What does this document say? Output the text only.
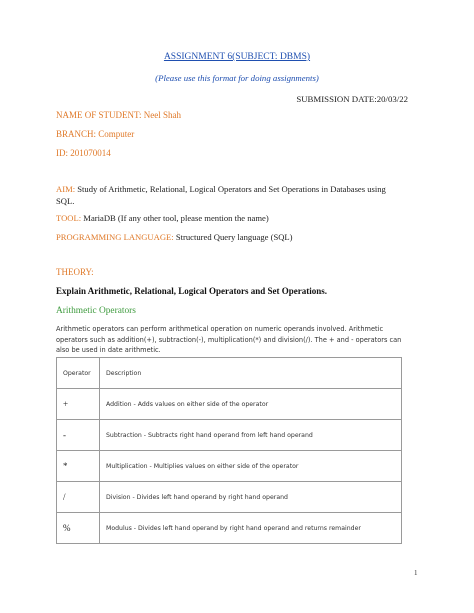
ASSIGNMENT 6(SUBJECT: DBMS)
(Please use this format for doing assignments)
SUBMISSION DATE:20/03/22
NAME OF STUDENT: Neel Shah
BRANCH: Computer
ID: 201070014
AIM: Study of Arithmetic, Relational, Logical Operators and Set Operations in Databases using
SQL.
TOOL: MariaDB (If any other tool, please mention the name)
PROGRAMMING LANGUAGE: Structured Query language (SQL)
THEORY:
Explain Arithmetic, Relational, Logical Operators and Set Operations.
Arithmetic Operators
Arithmetic operators can perform arithmetical operation on numeric operands involved. Arithmetic operators such as addition(+), subtraction(-), multiplication(*) and division(/). The + and - operators can also be used in date arithmetic.
Operator	Description
+	Addition - Adds values on either side of the operator
-	Subtraction - Subtracts right hand operand from left hand operand
*	Multiplication - Multiplies values on either side of the operator
/	Division - Divides left hand operand by right hand operand
%	Modulus - Divides left hand operand by right hand operand and returns remainder
1
